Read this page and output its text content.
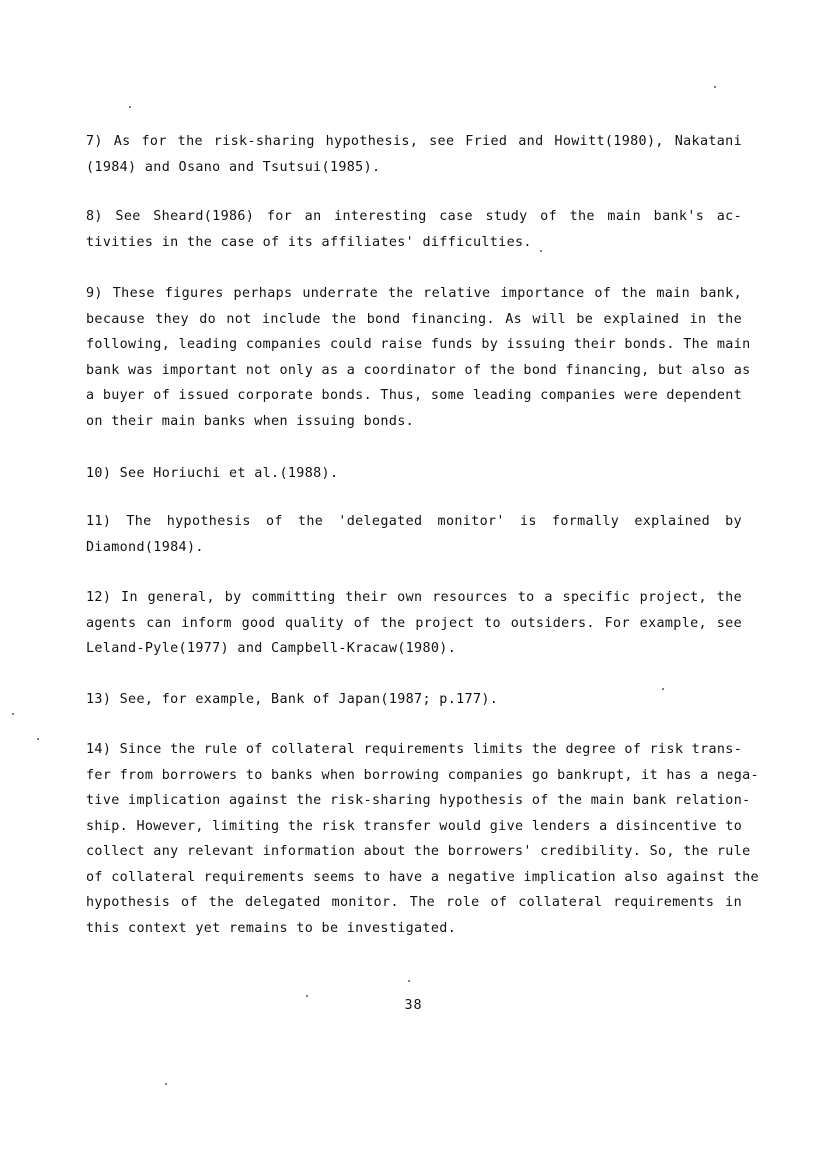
7) As for the risk-sharing hypothesis, see Fried and Howitt(1980), Nakatani
(1984) and Osano and Tsutsui(1985).
8) See Sheard(1986) for an interesting case study of the main bank's ac-
tivities in the case of its affiliates' difficulties.
9) These figures perhaps underrate the relative importance of the main bank,
because they do not include the bond financing. As will be explained in the
following, leading companies could raise funds by issuing their bonds. The main
bank was important not only as a coordinator of the bond financing, but also as
a buyer of issued corporate bonds. Thus, some leading companies were dependent
on their main banks when issuing bonds.
10) See Horiuchi et al.(1988).
11) The hypothesis of the 'delegated monitor' is formally explained by
Diamond(1984).
12) In general, by committing their own resources to a specific project, the
agents can inform good quality of the project to outsiders. For example, see
Leland-Pyle(1977) and Campbell-Kracaw(1980).
13) See, for example, Bank of Japan(1987; p.177).
14) Since the rule of collateral requirements limits the degree of risk trans-
fer from borrowers to banks when borrowing companies go bankrupt, it has a nega-
tive implication against the risk-sharing hypothesis of the main bank relation-
ship. However, limiting the risk transfer would give lenders a disincentive to
collect any relevant information about the borrowers' credibility. So, the rule
of collateral requirements seems to have a negative implication also against the
hypothesis of the delegated monitor. The role of collateral requirements in
this context yet remains to be investigated.
38
